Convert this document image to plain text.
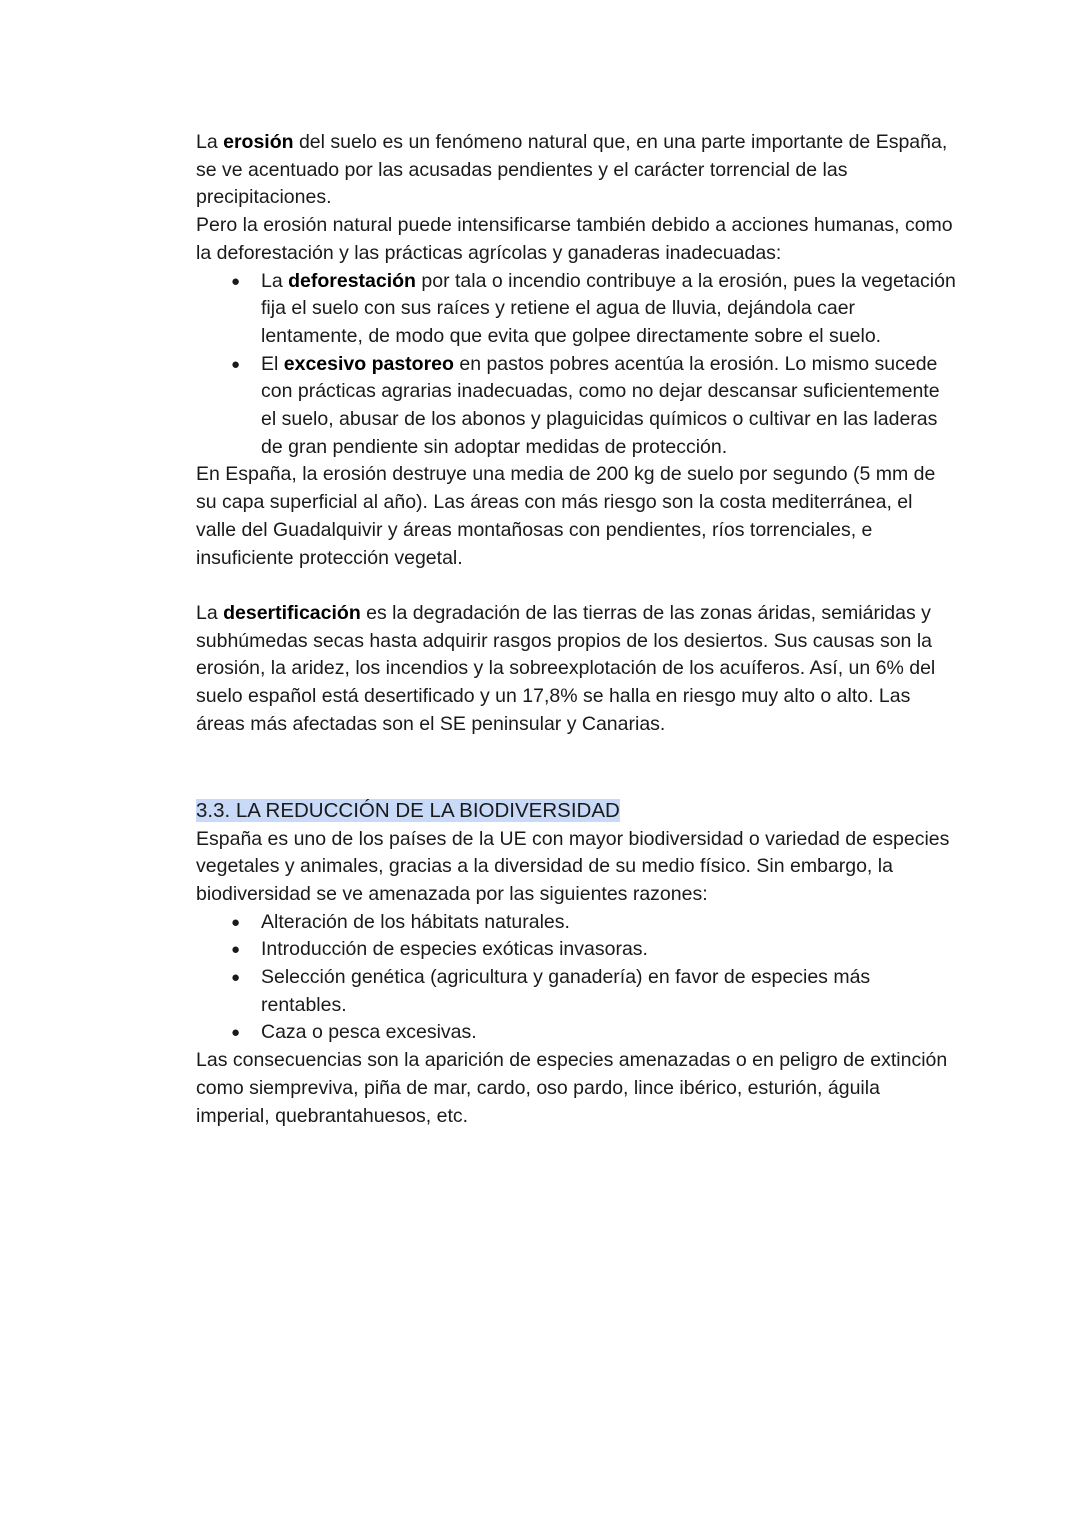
La erosión del suelo es un fenómeno natural que, en una parte importante de España, se ve acentuado por las acusadas pendientes y el carácter torrencial de las precipitaciones.

Pero la erosión natural puede intensificarse también debido a acciones humanas, como la deforestación y las prácticas agrícolas y ganaderas inadecuadas:

● La deforestación por tala o incendio contribuye a la erosión, pues la vegetación fija el suelo con sus raíces y retiene el agua de lluvia, dejándola caer lentamente, de modo que evita que golpee directamente sobre el suelo.
● El excesivo pastoreo en pastos pobres acentúa la erosión. Lo mismo sucede con prácticas agrarias inadecuadas, como no dejar descansar suficientemente el suelo, abusar de los abonos y plaguicidas químicos o cultivar en las laderas de gran pendiente sin adoptar medidas de protección.

En España, la erosión destruye una media de 200 kg de suelo por segundo (5 mm de su capa superficial al año). Las áreas con más riesgo son la costa mediterránea, el valle del Guadalquivir y áreas montañosas con pendientes, ríos torrenciales, e insuficiente protección vegetal.

La desertificación es la degradación de las tierras de las zonas áridas, semiáridas y subhúmedas secas hasta adquirir rasgos propios de los desiertos. Sus causas son la erosión, la aridez, los incendios y la sobreexplotación de los acuíferos. Así, un 6% del suelo español está desertificado y un 17,8% se halla en riesgo muy alto o alto. Las áreas más afectadas son el SE peninsular y Canarias.

3.3. LA REDUCCIÓN DE LA BIODIVERSIDAD

España es uno de los países de la UE con mayor biodiversidad o variedad de especies vegetales y animales, gracias a la diversidad de su medio físico. Sin embargo, la biodiversidad se ve amenazada por las siguientes razones:

● Alteración de los hábitats naturales.
● Introducción de especies exóticas invasoras.
● Selección genética (agricultura y ganadería) en favor de especies más rentables.
● Caza o pesca excesivas.

Las consecuencias son la aparición de especies amenazadas o en peligro de extinción como siempreviva, piña de mar, cardo, oso pardo, lince ibérico, esturión, águila imperial, quebrantahuesos, etc.
